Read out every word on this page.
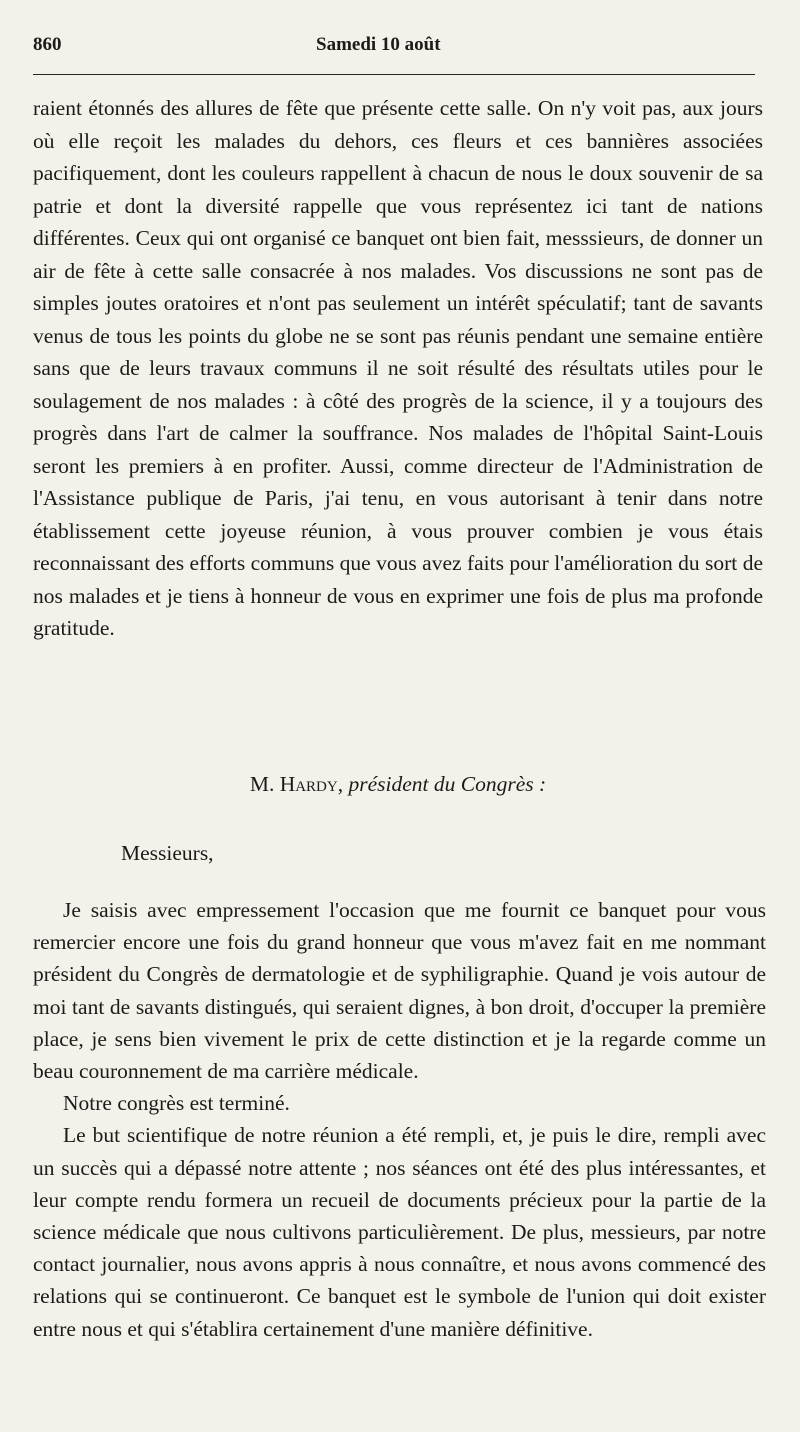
860	Samedi 10 août

raient étonnés des allures de fête que présente cette salle. On n'y voit pas, aux jours où elle reçoit les malades du dehors, ces fleurs et ces bannières associées pacifiquement, dont les couleurs rappellent à chacun de nous le doux souvenir de sa patrie et dont la diversité rappelle que vous représentez ici tant de nations différentes. Ceux qui ont organisé ce banquet ont bien fait, messsieurs, de donner un air de fête à cette salle consacrée à nos malades. Vos discussions ne sont pas de simples joutes oratoires et n'ont pas seulement un intérêt spéculatif; tant de savants venus de tous les points du globe ne se sont pas réunis pendant une semaine entière sans que de leurs travaux communs il ne soit résulté des résultats utiles pour le soulagement de nos malades : à côté des progrès de la science, il y a toujours des progrès dans l'art de calmer la souffrance. Nos malades de l'hôpital Saint-Louis seront les premiers à en profiter. Aussi, comme directeur de l'Administration de l'Assistance publique de Paris, j'ai tenu, en vous autorisant à tenir dans notre établissement cette joyeuse réunion, à vous prouver combien je vous étais reconnaissant des efforts communs que vous avez faits pour l'amélioration du sort de nos malades et je tiens à honneur de vous en exprimer une fois de plus ma profonde gratitude.

M. Hardy, président du Congrès :
Messieurs,

Je saisis avec empressement l'occasion que me fournit ce banquet pour vous remercier encore une fois du grand honneur que vous m'avez fait en me nommant président du Congrès de dermatologie et de syphiligraphie. Quand je vois autour de moi tant de savants distingués, qui seraient dignes, à bon droit, d'occuper la première place, je sens bien vivement le prix de cette distinction et je la regarde comme un beau couronnement de ma carrière médicale.

Notre congrès est terminé.

Le but scientifique de notre réunion a été rempli, et, je puis le dire, rempli avec un succès qui a dépassé notre attente ; nos séances ont été des plus intéressantes, et leur compte rendu formera un recueil de documents précieux pour la partie de la science médicale que nous cultivons particulièrement. De plus, messieurs, par notre contact journalier, nous avons appris à nous connaître, et nous avons commencé des relations qui se continueront. Ce banquet est le symbole de l'union qui doit exister entre nous et qui s'établira certainement d'une manière définitive.
